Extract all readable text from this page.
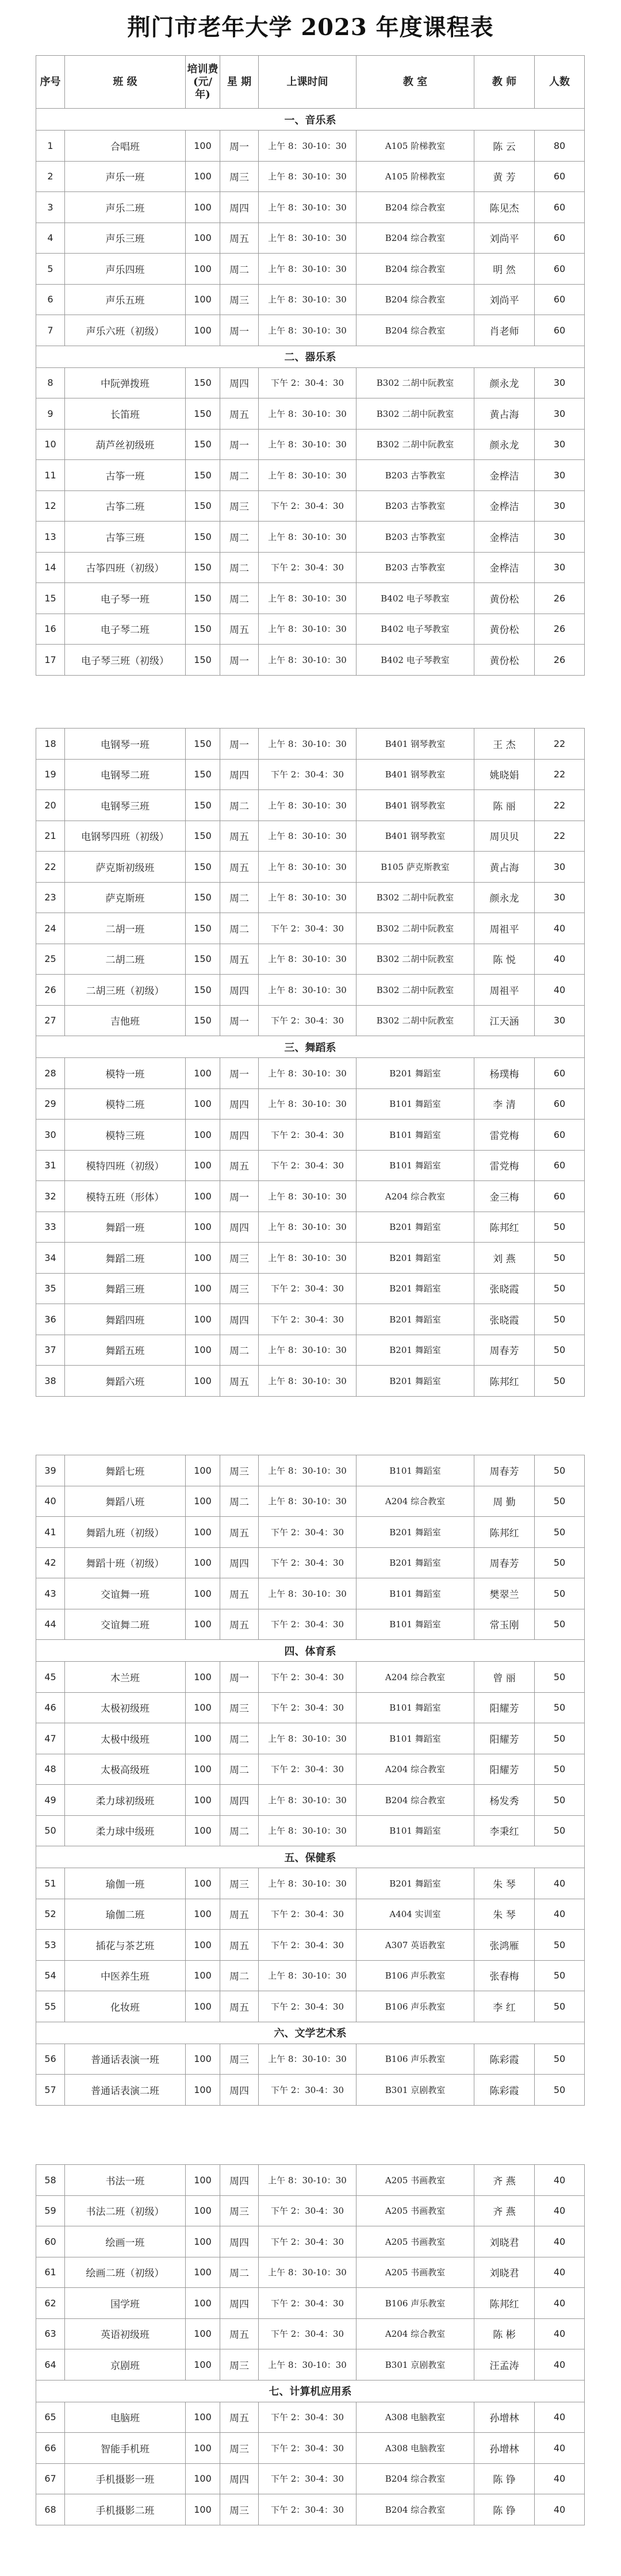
荆门市老年大学 2023 年度课程表
序号	班 级	培训费(元/年)	星 期	上课时间	教 室	教 师	人数
一、音乐系							
1	合唱班	100	周一	上午 8：30-10：30	A105 阶梯教室	陈 云	80
2	声乐一班	100	周三	上午 8：30-10：30	A105 阶梯教室	黄 芳	60
3	声乐二班	100	周四	上午 8：30-10：30	B204 综合教室	陈见杰	60
4	声乐三班	100	周五	上午 8：30-10：30	B204 综合教室	刘尚平	60
5	声乐四班	100	周二	上午 8：30-10：30	B204 综合教室	明 然	60
6	声乐五班	100	周三	上午 8：30-10：30	B204 综合教室	刘尚平	60
7	声乐六班（初级）	100	周一	上午 8：30-10：30	B204 综合教室	肖老师	60
二、器乐系							
8	中阮弹拨班	150	周四	下午 2：30-4：30	B302 二胡中阮教室	颜永龙	30
9	长笛班	150	周五	上午 8：30-10：30	B302 二胡中阮教室	黄占海	30
10	葫芦丝初级班	150	周一	上午 8：30-10：30	B302 二胡中阮教室	颜永龙	30
11	古筝一班	150	周二	上午 8：30-10：30	B203 古筝教室	金桦洁	30
12	古筝二班	150	周三	下午 2：30-4：30	B203 古筝教室	金桦洁	30
13	古筝三班	150	周二	上午 8：30-10：30	B203 古筝教室	金桦洁	30
14	古筝四班（初级）	150	周二	下午 2：30-4：30	B203 古筝教室	金桦洁	30
15	电子琴一班	150	周二	上午 8：30-10：30	B402 电子琴教室	黄份松	26
16	电子琴二班	150	周五	上午 8：30-10：30	B402 电子琴教室	黄份松	26
17	电子琴三班（初级）	150	周一	上午 8：30-10：30	B402 电子琴教室	黄份松	26
18	电钢琴一班	150	周一	上午 8：30-10：30	B401 钢琴教室	王 杰	22
19	电钢琴二班	150	周四	下午 2：30-4：30	B401 钢琴教室	姚晓娟	22
20	电钢琴三班	150	周二	上午 8：30-10：30	B401 钢琴教室	陈 丽	22
21	电钢琴四班（初级）	150	周五	上午 8：30-10：30	B401 钢琴教室	周贝贝	22
22	萨克斯初级班	150	周五	上午 8：30-10：30	B105 萨克斯教室	黄占海	30
23	萨克斯班	150	周二	上午 8：30-10：30	B302 二胡中阮教室	颜永龙	30
24	二胡一班	150	周二	下午 2：30-4：30	B302 二胡中阮教室	周祖平	40
25	二胡二班	150	周五	上午 8：30-10：30	B302 二胡中阮教室	陈 悦	40
26	二胡三班（初级）	150	周四	上午 8：30-10：30	B302 二胡中阮教室	周祖平	40
27	吉他班	150	周一	下午 2：30-4：30	B302 二胡中阮教室	江天涵	30
三、舞蹈系							
28	模特一班	100	周一	上午 8：30-10：30	B201 舞蹈室	杨璞梅	60
29	模特二班	100	周四	上午 8：30-10：30	B101 舞蹈室	李 清	60
30	模特三班	100	周四	下午 2：30-4：30	B101 舞蹈室	雷党梅	60
31	模特四班（初级）	100	周五	下午 2：30-4：30	B101 舞蹈室	雷党梅	60
32	模特五班（形体）	100	周一	上午 8：30-10：30	A204 综合教室	金三梅	60
33	舞蹈一班	100	周四	上午 8：30-10：30	B201 舞蹈室	陈邦红	50
34	舞蹈二班	100	周三	上午 8：30-10：30	B201 舞蹈室	刘 燕	50
35	舞蹈三班	100	周三	下午 2：30-4：30	B201 舞蹈室	张晓霞	50
36	舞蹈四班	100	周四	下午 2：30-4：30	B201 舞蹈室	张晓霞	50
37	舞蹈五班	100	周二	上午 8：30-10：30	B201 舞蹈室	周春芳	50
38	舞蹈六班	100	周五	上午 8：30-10：30	B201 舞蹈室	陈邦红	50
39	舞蹈七班	100	周三	上午 8：30-10：30	B101 舞蹈室	周春芳	50
40	舞蹈八班	100	周二	上午 8：30-10：30	A204 综合教室	周 勤	50
41	舞蹈九班（初级）	100	周五	下午 2：30-4：30	B201 舞蹈室	陈邦红	50
42	舞蹈十班（初级）	100	周四	下午 2：30-4：30	B201 舞蹈室	周春芳	50
43	交谊舞一班	100	周五	上午 8：30-10：30	B101 舞蹈室	樊翠兰	50
44	交谊舞二班	100	周五	下午 2：30-4：30	B101 舞蹈室	常玉刚	50
四、体育系							
45	木兰班	100	周一	下午 2：30-4：30	A204 综合教室	曾 丽	50
46	太极初级班	100	周三	下午 2：30-4：30	B101 舞蹈室	阳耀芳	50
47	太极中级班	100	周二	上午 8：30-10：30	B101 舞蹈室	阳耀芳	50
48	太极高级班	100	周二	下午 2：30-4：30	A204 综合教室	阳耀芳	50
49	柔力球初级班	100	周四	上午 8：30-10：30	B204 综合教室	杨发秀	50
50	柔力球中级班	100	周二	上午 8：30-10：30	B101 舞蹈室	李秉红	50
五、保健系							
51	瑜伽一班	100	周三	上午 8：30-10：30	B201 舞蹈室	朱 琴	40
52	瑜伽二班	100	周五	下午 2：30-4：30	A404 实训室	朱 琴	40
53	插花与茶艺班	100	周五	下午 2：30-4：30	A307 英语教室	张鸿雁	50
54	中医养生班	100	周二	上午 8：30-10：30	B106 声乐教室	张春梅	50
55	化妆班	100	周五	下午 2：30-4：30	B106 声乐教室	李 红	50
六、文学艺术系							
56	普通话表演一班	100	周三	上午 8：30-10：30	B106 声乐教室	陈彩霞	50
57	普通话表演二班	100	周四	下午 2：30-4：30	B301 京剧教室	陈彩霞	50
58	书法一班	100	周四	上午 8：30-10：30	A205 书画教室	齐 燕	40
59	书法二班（初级）	100	周三	下午 2：30-4：30	A205 书画教室	齐 燕	40
60	绘画一班	100	周四	下午 2：30-4：30	A205 书画教室	刘晓君	40
61	绘画二班（初级）	100	周二	上午 8：30-10：30	A205 书画教室	刘晓君	40
62	国学班	100	周四	下午 2：30-4：30	B106 声乐教室	陈邦红	40
63	英语初级班	100	周五	下午 2：30-4：30	A204 综合教室	陈 彬	40
64	京剧班	100	周三	上午 8：30-10：30	B301 京剧教室	汪孟涛	40
七、计算机应用系							
65	电脑班	100	周五	下午 2：30-4：30	A308 电脑教室	孙增林	40
66	智能手机班	100	周三	下午 2：30-4：30	A308 电脑教室	孙增林	40
67	手机摄影一班	100	周四	下午 2：30-4：30	B204 综合教室	陈 铮	40
68	手机摄影二班	100	周三	下午 2：30-4：30	B204 综合教室	陈 铮	40
